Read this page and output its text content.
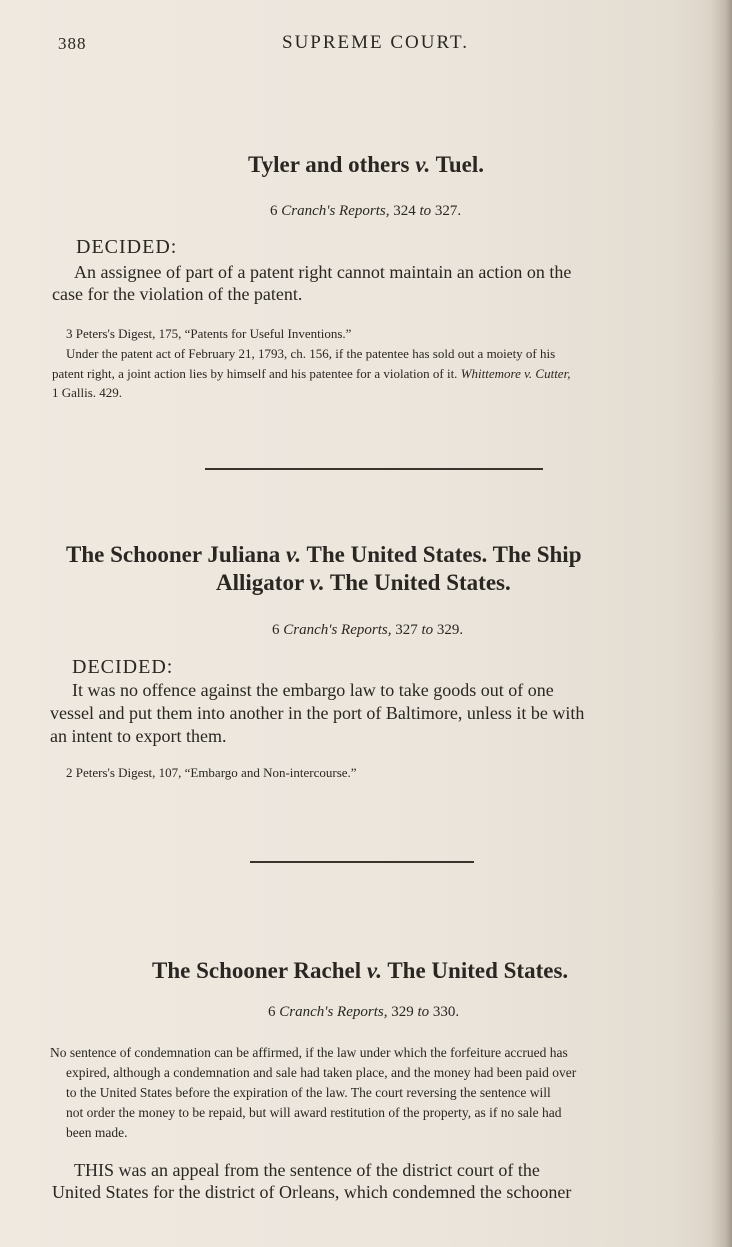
388	SUPREME COURT.
Tyler and others v. Tuel.
6 Cranch's Reports, 324 to 327.
DECIDED:
An assignee of part of a patent right cannot maintain an action on the
case for the violation of the patent.
3 Peters's Digest, 175, “Patents for Useful Inventions.”
Under the patent act of February 21, 1793, ch. 156, if the patentee has sold out a moiety of his
patent right, a joint action lies by himself and his patentee for a violation of it. Whittemore v. Cutter,
1 Gallis. 429.
The Schooner Juliana v. The United States. The Ship
Alligator v. The United States.
6 Cranch's Reports, 327 to 329.
DECIDED:
It was no offence against the embargo law to take goods out of one
vessel and put them into another in the port of Baltimore, unless it be with
an intent to export them.
2 Peters's Digest, 107, “Embargo and Non-intercourse.”
The Schooner Rachel v. The United States.
6 Cranch's Reports, 329 to 330.
No sentence of condemnation can be affirmed, if the law under which the forfeiture accrued has
expired, although a condemnation and sale had taken place, and the money had been paid over
to the United States before the expiration of the law. The court reversing the sentence will
not order the money to be repaid, but will award restitution of the property, as if no sale had
been made.
THIS was an appeal from the sentence of the district court of the
United States for the district of Orleans, which condemned the schooner
